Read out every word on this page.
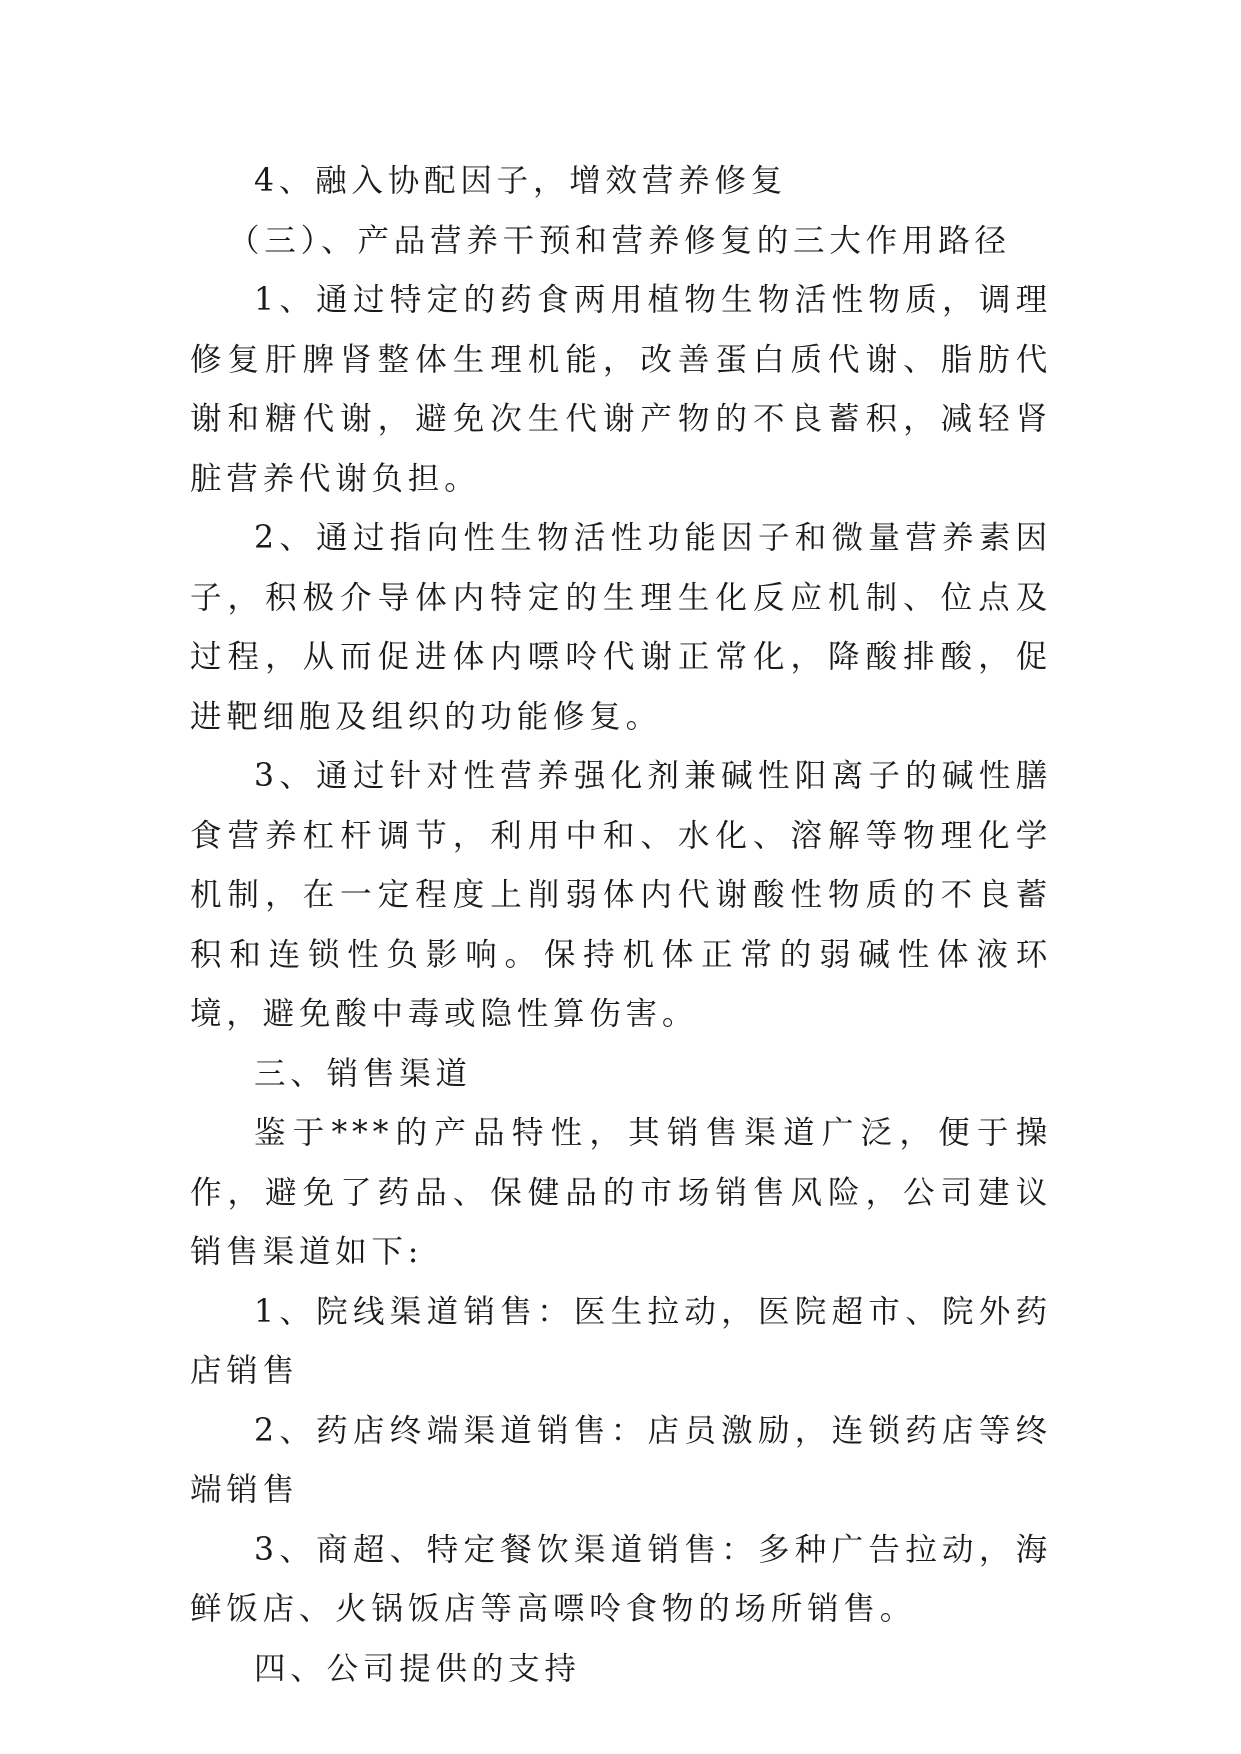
4、融入协配因子，增效营养修复

（三）、产品营养干预和营养修复的三大作用路径

1、通过特定的药食两用植物生物活性物质，调理修复肝脾肾整体生理机能，改善蛋白质代谢、脂肪代谢和糖代谢，避免次生代谢产物的不良蓄积，减轻肾脏营养代谢负担。

2、通过指向性生物活性功能因子和微量营养素因子，积极介导体内特定的生理生化反应机制、位点及过程，从而促进体内嘌呤代谢正常化，降酸排酸，促进靶细胞及组织的功能修复。

3、通过针对性营养强化剂兼碱性阳离子的碱性膳食营养杠杆调节，利用中和、水化、溶解等物理化学机制，在一定程度上削弱体内代谢酸性物质的不良蓄积和连锁性负影响。保持机体正常的弱碱性体液环境，避免酸中毒或隐性算伤害。

三、销售渠道

鉴于***的产品特性，其销售渠道广泛，便于操作，避免了药品、保健品的市场销售风险，公司建议销售渠道如下:

1、院线渠道销售：医生拉动，医院超市、院外药店销售

2、药店终端渠道销售：店员激励，连锁药店等终端销售

3、商超、特定餐饮渠道销售：多种广告拉动，海鲜饭店、火锅饭店等高嘌呤食物的场所销售。

四、公司提供的支持
